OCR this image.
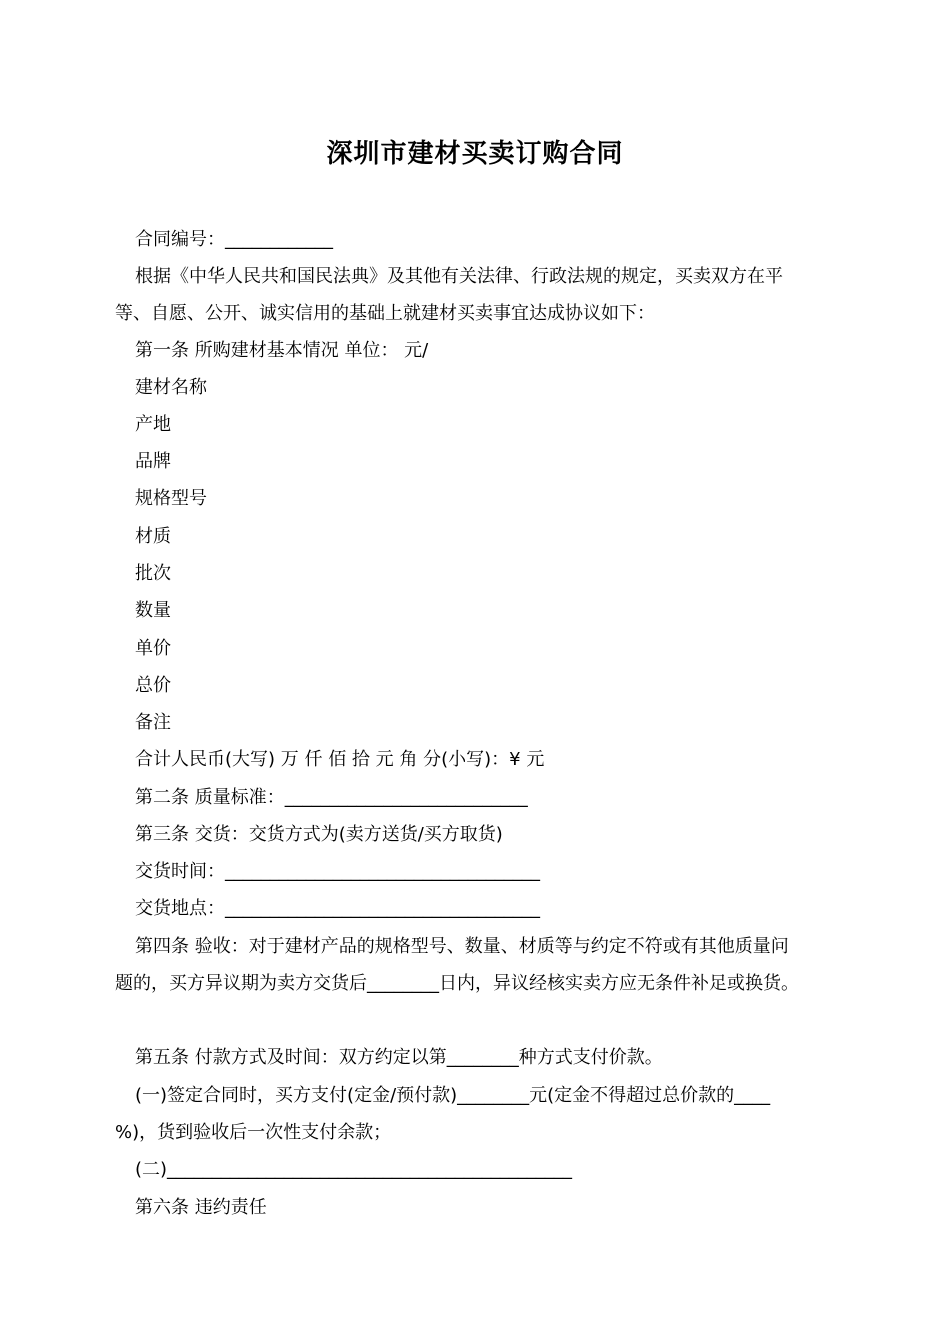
深圳市建材买卖订购合同
合同编号：____________
根据《中华人民共和国民法典》及其他有关法律、行政法规的规定，买卖双方在平
等、自愿、公开、诚实信用的基础上就建材买卖事宜达成协议如下：
第一条 所购建材基本情况 单位： 元/
建材名称
产地
品牌
规格型号
材质
批次
数量
单价
总价
备注
合计人民币(大写) 万 仟 佰 拾 元 角 分(小写)：¥ 元
第二条 质量标准：___________________________
第三条 交货：交货方式为(卖方送货/买方取货)
交货时间：___________________________________
交货地点：___________________________________
第四条 验收：对于建材产品的规格型号、数量、材质等与约定不符或有其他质量问
题的，买方异议期为卖方交货后________日内，异议经核实卖方应无条件补足或换货。
第五条 付款方式及时间：双方约定以第________种方式支付价款。
(一)签定合同时，买方支付(定金/预付款)________元(定金不得超过总价款的____
%)，货到验收后一次性支付余款；
(二)_____________________________________________
第六条 违约责任
